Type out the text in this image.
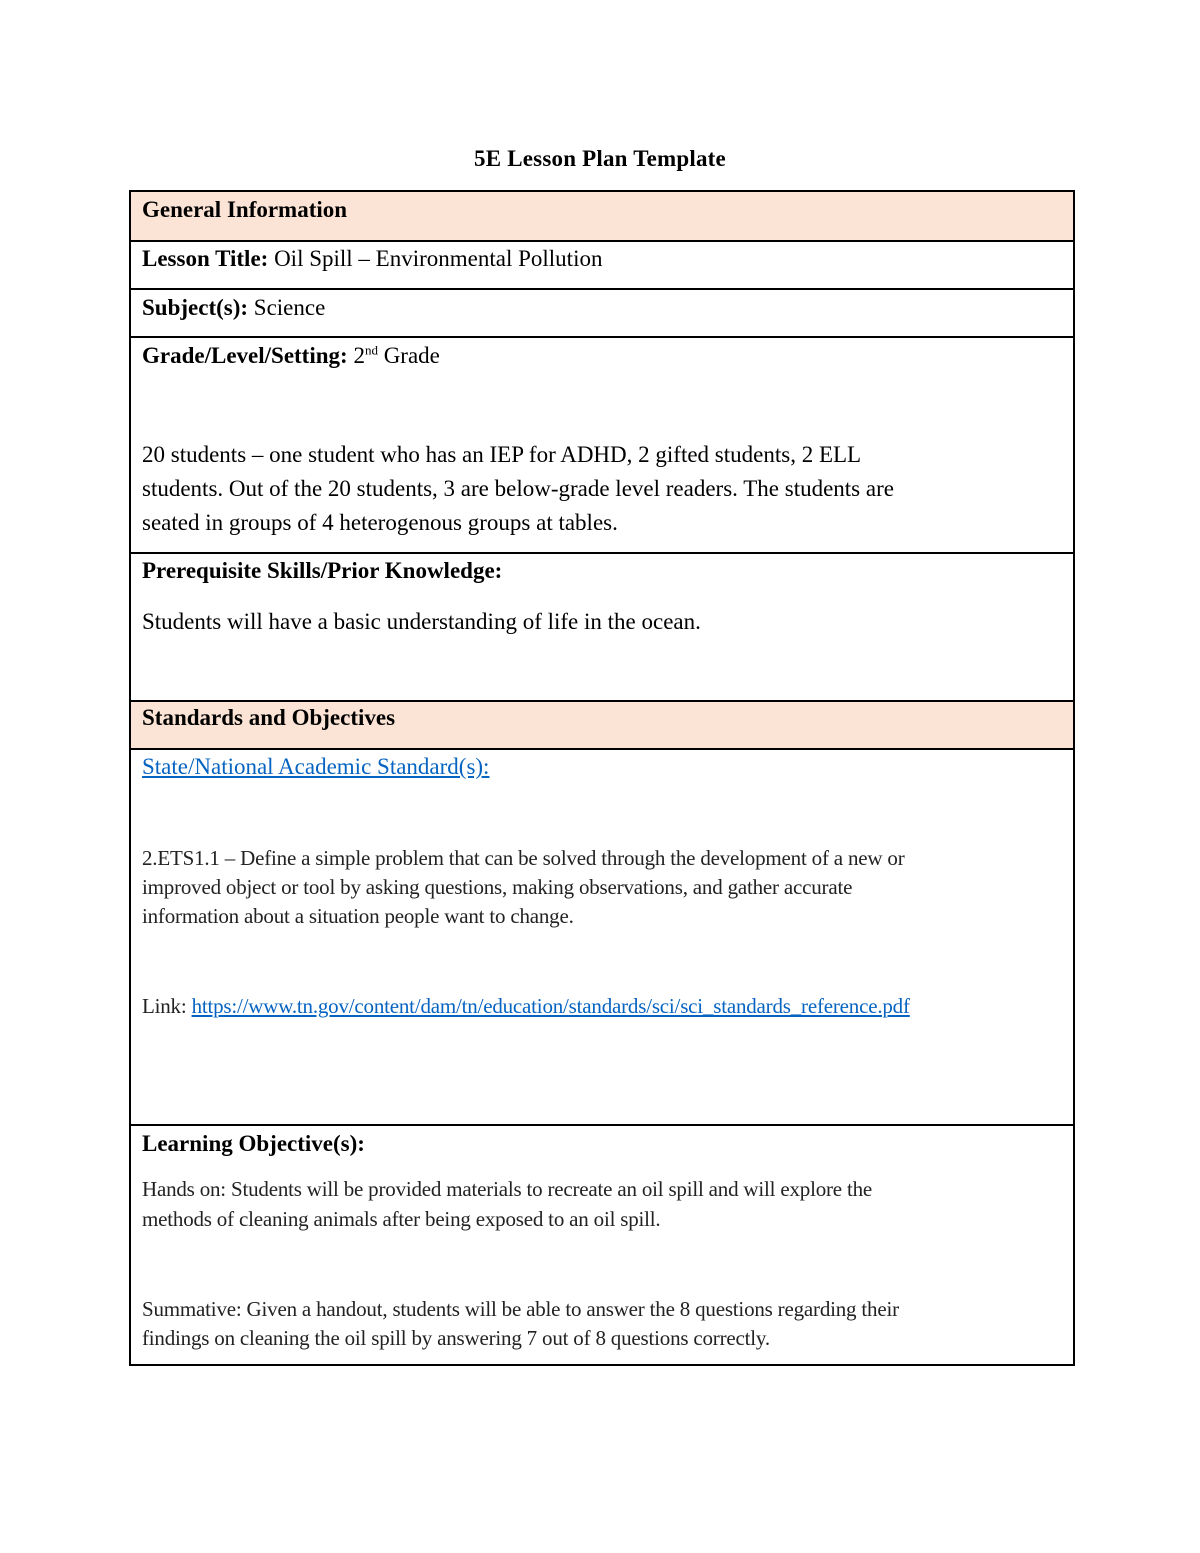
5E Lesson Plan Template
General Information
Lesson Title: Oil Spill – Environmental Pollution
Subject(s): Science
Grade/Level/Setting: 2nd Grade
20 students – one student who has an IEP for ADHD, 2 gifted students, 2 ELL
students. Out of the 20 students, 3 are below-grade level readers. The students are
seated in groups of 4 heterogenous groups at tables.
Prerequisite Skills/Prior Knowledge:
Students will have a basic understanding of life in the ocean.
Standards and Objectives
State/National Academic Standard(s):
2.ETS1.1 – Define a simple problem that can be solved through the development of a new or
improved object or tool by asking questions, making observations, and gather accurate
information about a situation people want to change.
Link: https://www.tn.gov/content/dam/tn/education/standards/sci/sci_standards_reference.pdf
Learning Objective(s):
Hands on: Students will be provided materials to recreate an oil spill and will explore the
methods of cleaning animals after being exposed to an oil spill.
Summative: Given a handout, students will be able to answer the 8 questions regarding their
findings on cleaning the oil spill by answering 7 out of 8 questions correctly.
